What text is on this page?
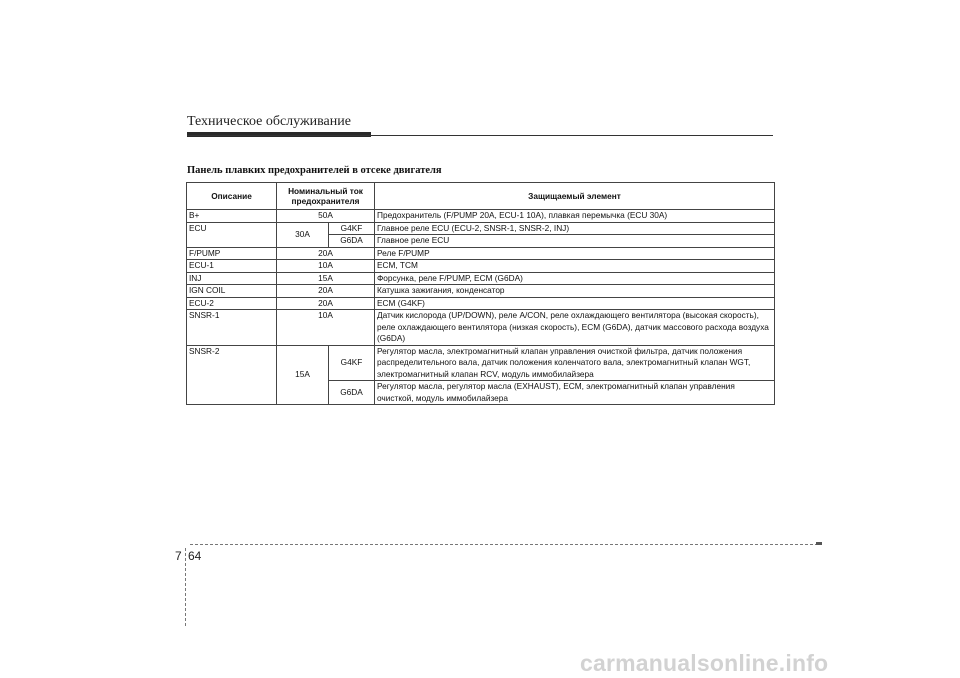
Техническое обслуживание
Панель плавких предохранителей в отсеке двигателя
Описание	Номинальный ток предохранителя		Защищаемый элемент
B+	50A		Предохранитель (F/PUMP 20A, ECU-1 10A), плавкая перемычка (ECU 30A)
ECU	30A	G4KF	Главное реле ECU (ECU-2, SNSR-1, SNSR-2, INJ)
		G6DA	Главное реле ECU
F/PUMP	20A		Реле F/PUMP
ECU-1	10A		ECM, TCM
INJ	15A		Форсунка, реле F/PUMP, ECM (G6DA)
IGN COIL	20A		Катушка зажигания, конденсатор
ECU-2	20A		ECM (G4KF)
SNSR-1	10A		Датчик кислорода (UP/DOWN), реле A/CON, реле охлаждающего вентилятора (высокая скорость), реле охлаждающего вентилятора (низкая скорость), ECM (G6DA), датчик массового расхода воздуха (G6DA)
SNSR-2	15A	G4KF	Регулятор масла, электромагнитный клапан управления очисткой фильтра, датчик положения распределительного вала, датчик положения коленчатого вала, электромагнитный клапан WGT, электромагнитный клапан RCV, модуль иммобилайзера
		G6DA	Регулятор масла, регулятор масла (EXHAUST), ECM, электромагнитный клапан управления очисткой, модуль иммобилайзера
7 64
carmanualsonline.info
